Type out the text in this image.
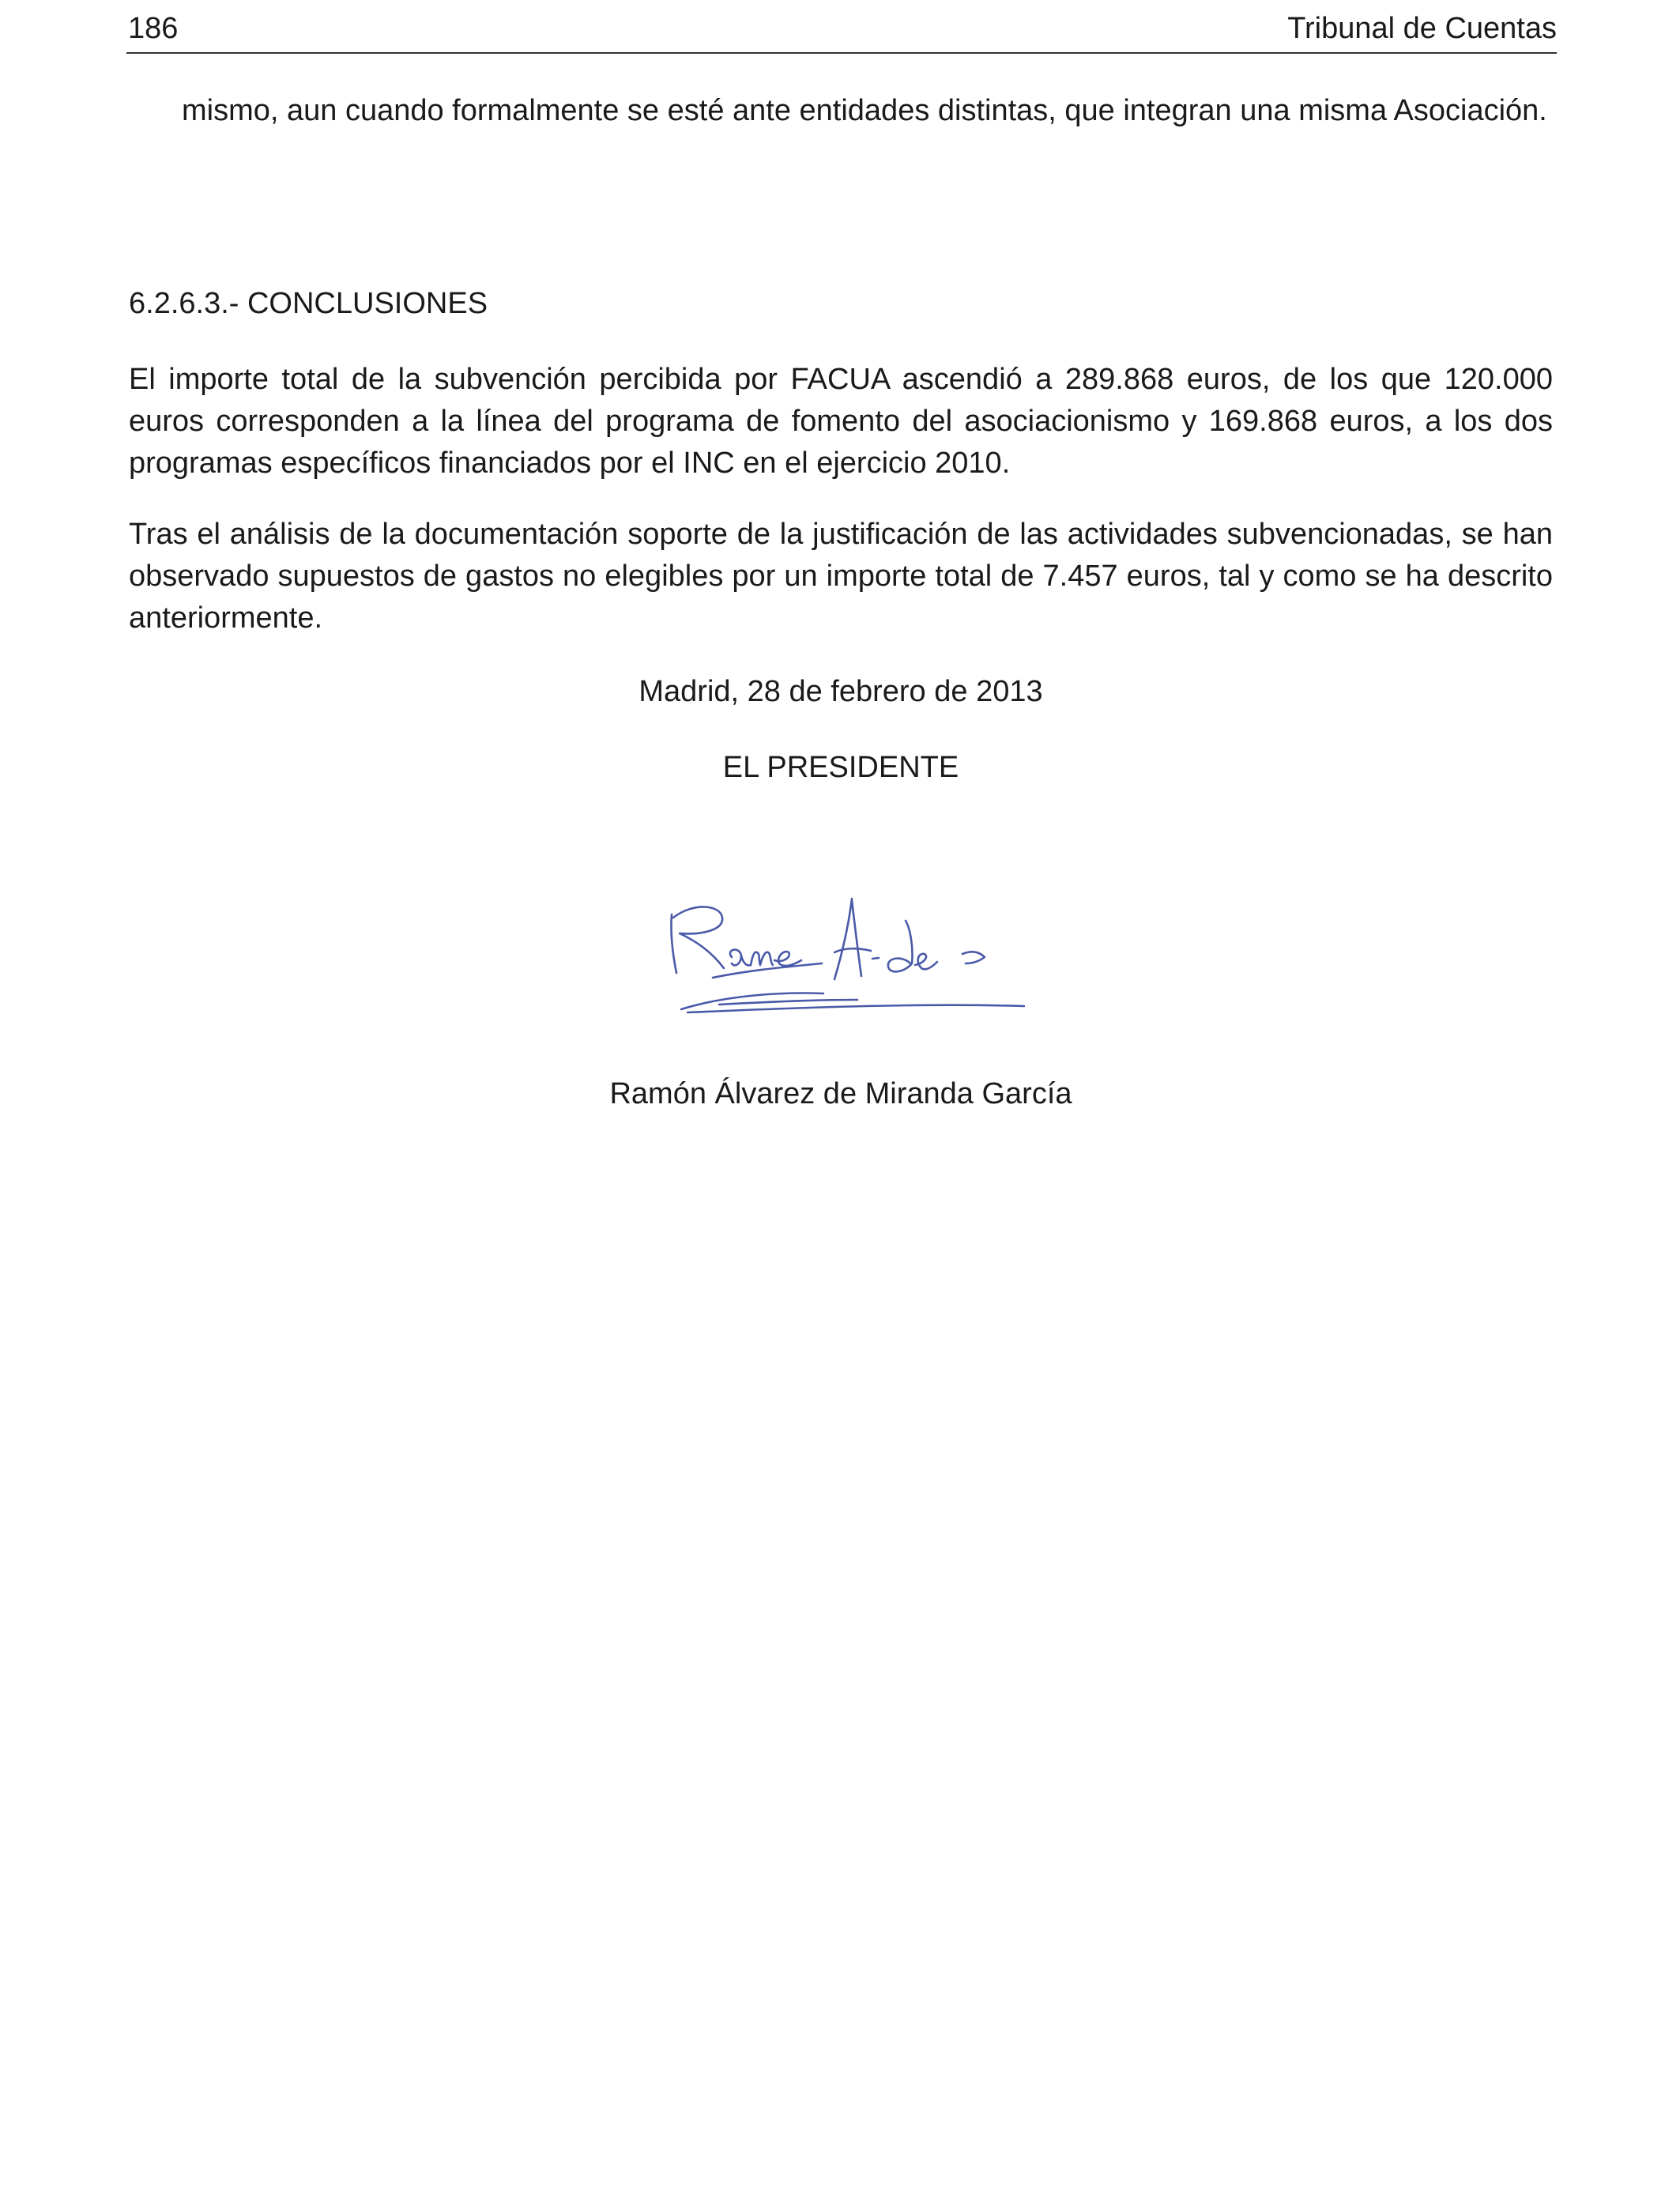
186	Tribunal de Cuentas

mismo, aun cuando formalmente se esté ante entidades distintas, que integran una misma Asociación.

6.2.6.3.- CONCLUSIONES

El importe total de la subvención percibida por FACUA ascendió a 289.868 euros, de los que 120.000 euros corresponden a la línea del programa de fomento del asociacionismo y 169.868 euros, a los dos programas específicos financiados por el INC en el ejercicio 2010.

Tras el análisis de la documentación soporte de la justificación de las actividades subvencionadas, se han observado supuestos de gastos no elegibles por un importe total de 7.457 euros, tal y como se ha descrito anteriormente.

Madrid, 28 de febrero de 2013
EL PRESIDENTE
Ramón Álvarez de Miranda García
